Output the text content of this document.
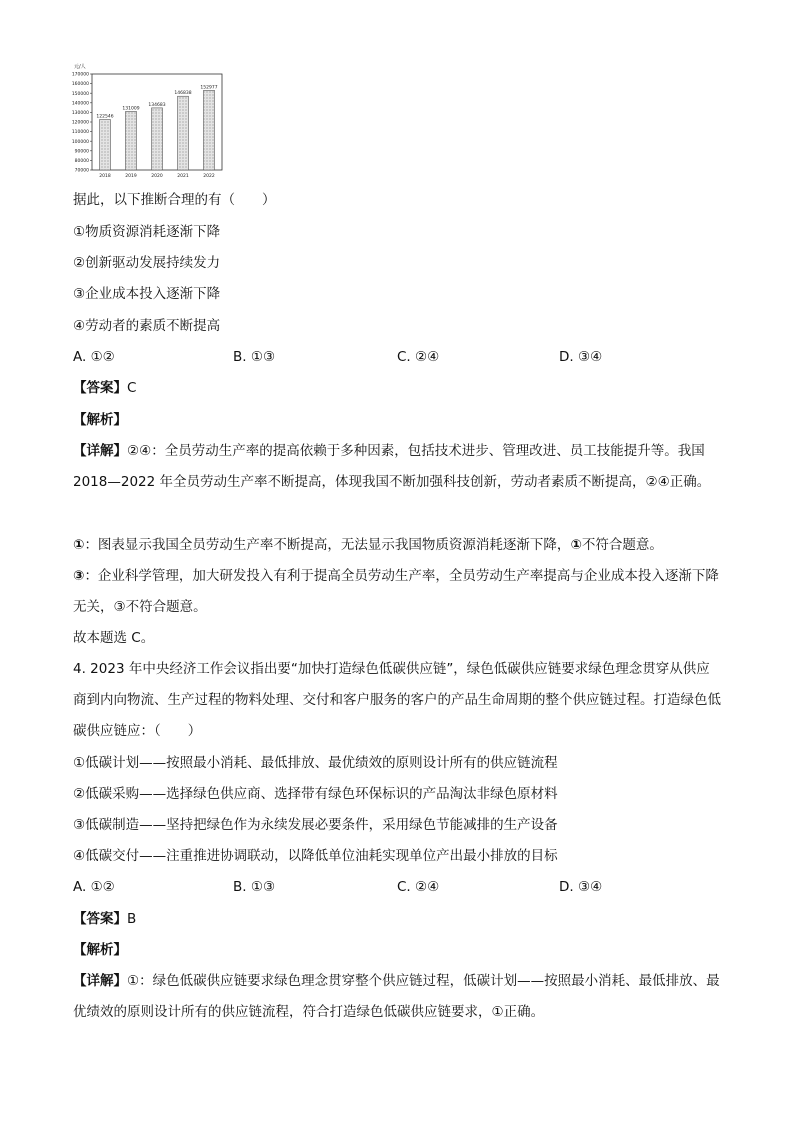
元/人
70000
80000
90000
100000
110000
120000
130000
140000
150000
160000
170000
122546
2018
131009
2019
134683
2020
146838
2021
152977
2022
据此，以下推断合理的有（　　）
①物质资源消耗逐渐下降
②创新驱动发展持续发力
③企业成本投入逐渐下降
④劳动者的素质不断提高
A. ①②	B. ①③	C. ②④	D. ③④
【答案】C
【解析】
【详解】②④：全员劳动生产率的提高依赖于多种因素，包括技术进步、管理改进、员工技能提升等。我国 2018—2022 年全员劳动生产率不断提高，体现我国不断加强科技创新，劳动者素质不断提高，②④正确。
①：图表显示我国全员劳动生产率不断提高，无法显示我国物质资源消耗逐渐下降，①不符合题意。
③：企业科学管理，加大研发投入有利于提高全员劳动生产率，全员劳动生产率提高与企业成本投入逐渐下降无关，③不符合题意。
故本题选 C。
4. 2023 年中央经济工作会议指出要“加快打造绿色低碳供应链”，绿色低碳供应链要求绿色理念贯穿从供应商到内向物流、生产过程的物料处理、交付和客户服务的客户的产品生命周期的整个供应链过程。打造绿色低碳供应链应：（　　）
①低碳计划——按照最小消耗、最低排放、最优绩效的原则设计所有的供应链流程
②低碳采购——选择绿色供应商、选择带有绿色环保标识的产品淘汰非绿色原材料
③低碳制造——坚持把绿色作为永续发展必要条件，采用绿色节能减排的生产设备
④低碳交付——注重推进协调联动，以降低单位油耗实现单位产出最小排放的目标
A. ①②	B. ①③	C. ②④	D. ③④
【答案】B
【解析】
【详解】①：绿色低碳供应链要求绿色理念贯穿整个供应链过程，低碳计划——按照最小消耗、最低排放、最优绩效的原则设计所有的供应链流程，符合打造绿色低碳供应链要求，①正确。
